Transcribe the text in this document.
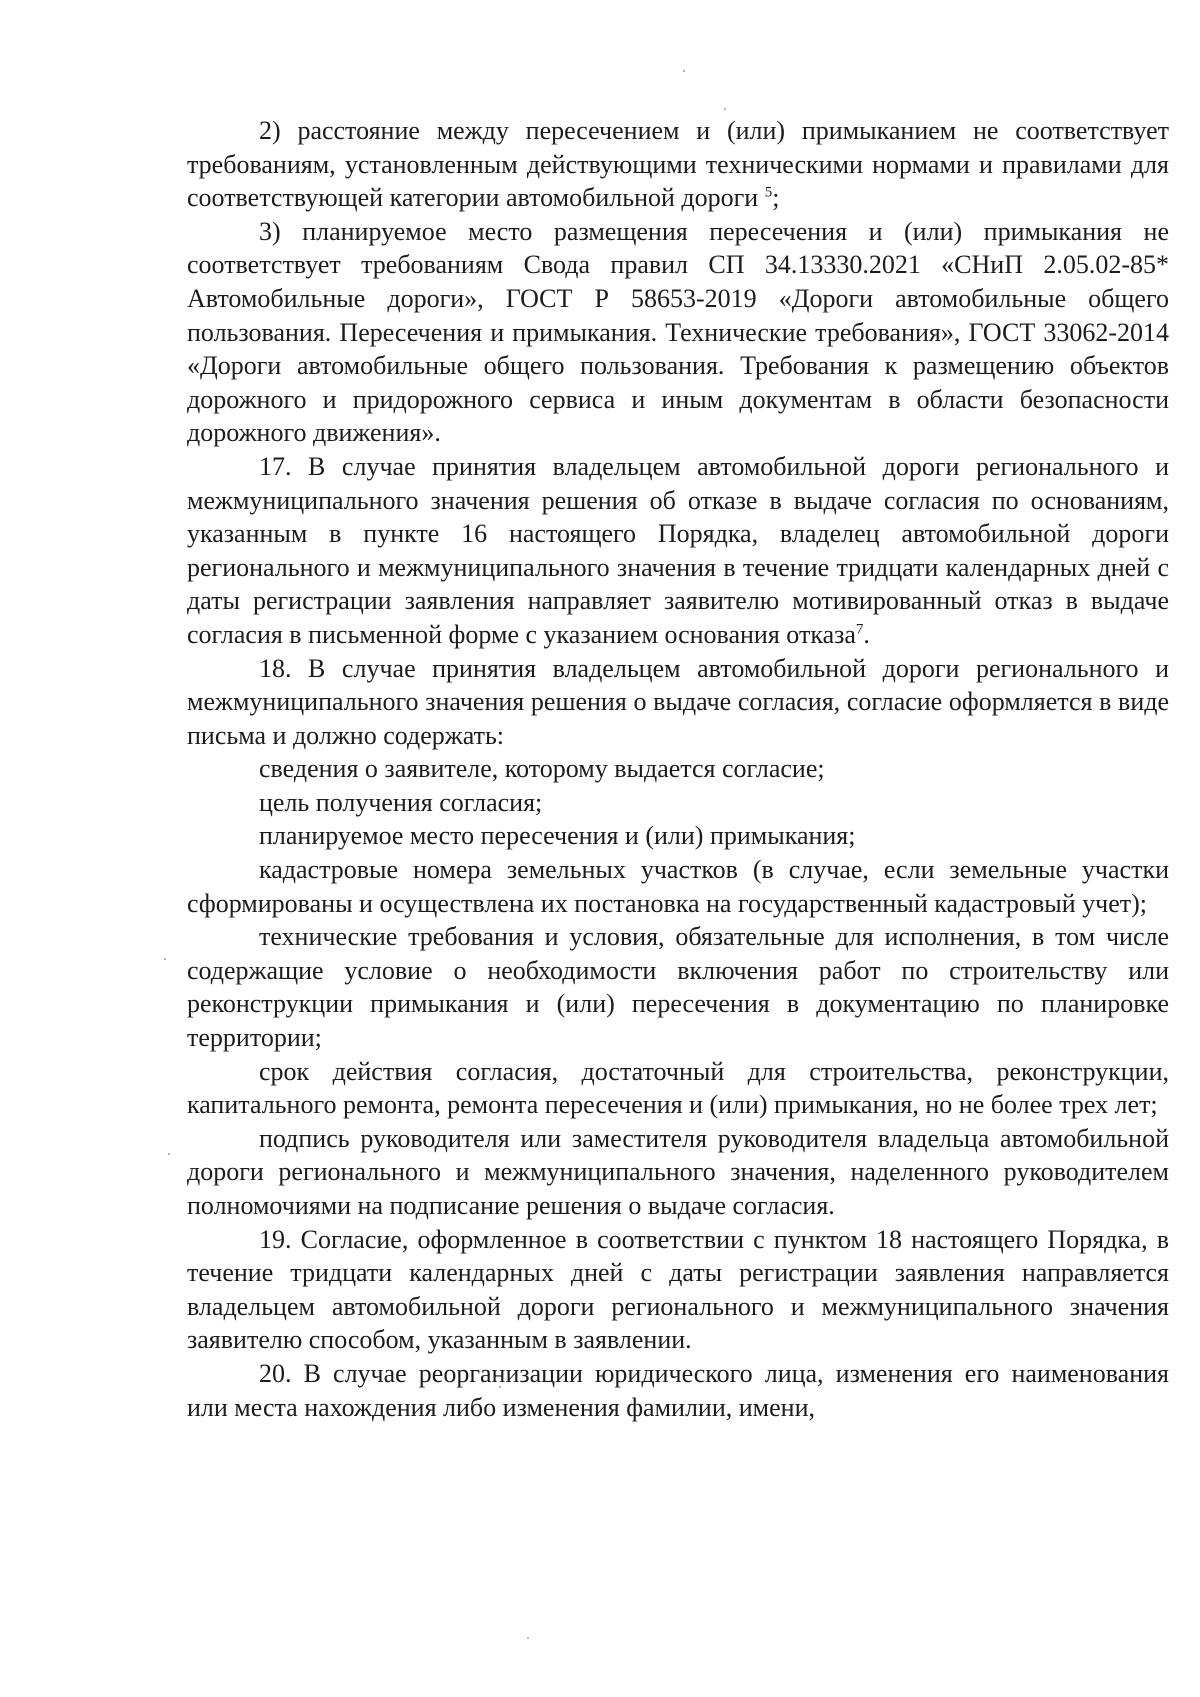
2) расстояние между пересечением и (или) примыканием не соответствует требованиям, установленным действующими техническими нормами и правилами для соответствующей категории автомобильной дороги $^5$;

3) планируемое место размещения пересечения и (или) примыкания не соответствует требованиям Свода правил СП 34.13330.2021 «СНиП 2.05.02-85* Автомобильные дороги», ГОСТ Р 58653-2019 «Дороги автомобильные общего пользования. Пересечения и примыкания. Технические требования», ГОСТ 33062-2014 «Дороги автомобильные общего пользования. Требования к размещению объектов дорожного и придорожного сервиса и иным документам в области безопасности дорожного движения».

17. В случае принятия владельцем автомобильной дороги регионального и межмуниципального значения решения об отказе в выдаче согласия по основаниям, указанным в пункте 16 настоящего Порядка, владелец автомобильной дороги регионального и межмуниципального значения в течение тридцати календарных дней с даты регистрации заявления направляет заявителю мотивированный отказ в выдаче согласия в письменной форме с указанием основания отказа$^7$.

18. В случае принятия владельцем автомобильной дороги регионального и межмуниципального значения решения о выдаче согласия, согласие оформляется в виде письма и должно содержать:

сведения о заявителе, которому выдается согласие;

цель получения согласия;

планируемое место пересечения и (или) примыкания;

кадастровые номера земельных участков (в случае, если земельные участки сформированы и осуществлена их постановка на государственный кадастровый учет);

технические требования и условия, обязательные для исполнения, в том числе содержащие условие о необходимости включения работ по строительству или реконструкции примыкания и (или) пересечения в документацию по планировке территории;

срок действия согласия, достаточный для строительства, реконструкции, капитального ремонта, ремонта пересечения и (или) примыкания, но не более трех лет;

подпись руководителя или заместителя руководителя владельца автомобильной дороги регионального и межмуниципального значения, наделенного руководителем полномочиями на подписание решения о выдаче согласия.

19. Согласие, оформленное в соответствии с пунктом 18 настоящего Порядка, в течение тридцати календарных дней с даты регистрации заявления направляется владельцем автомобильной дороги регионального и межмуниципального значения заявителю способом, указанным в заявлении.

20. В случае реорганизации юридического лица, изменения его наименования или места нахождения либо изменения фамилии, имени,
